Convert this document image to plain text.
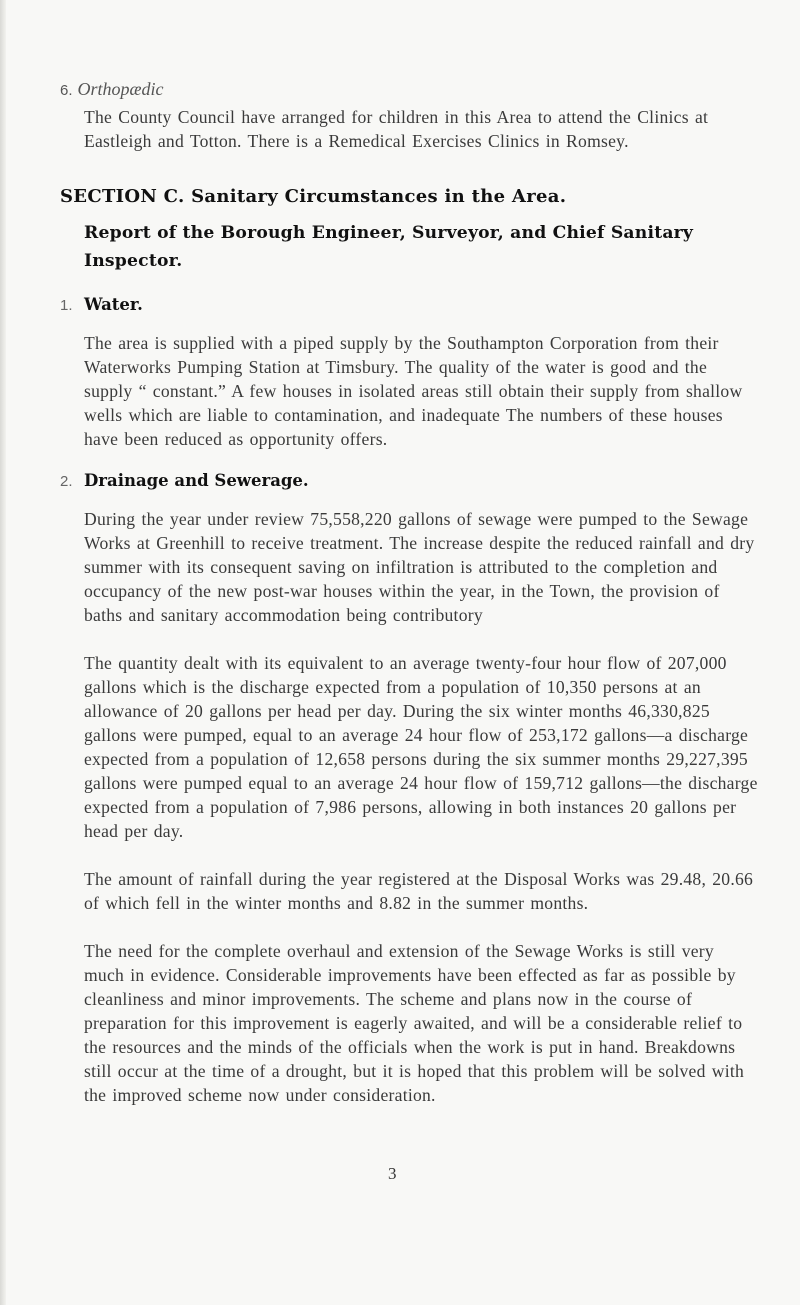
6. Orthopædic

The County Council have arranged for children in this Area to attend the Clinics at Eastleigh and Totton. There is a Remedical Exercises Clinics in Romsey.

SECTION C. Sanitary Circumstances in the Area.
Report of the Borough Engineer, Surveyor, and Chief Sanitary Inspector.
1. Water.

The area is supplied with a piped supply by the Southampton Corporation from their Waterworks Pumping Station at Timsbury. The quality of the water is good and the supply “ constant.” A few houses in isolated areas still obtain their supply from shallow wells which are liable to contamination, and inadequate The numbers of these houses have been reduced as opportunity offers.

2. Drainage and Sewerage.

During the year under review 75,558,220 gallons of sewage were pumped to the Sewage Works at Greenhill to receive treatment. The increase despite the reduced rainfall and dry summer with its consequent saving on infiltration is attributed to the completion and occupancy of the new post-war houses within the year, in the Town, the provision of baths and sanitary accommodation being contributory

The quantity dealt with its equivalent to an average twenty-four hour flow of 207,000 gallons which is the discharge expected from a population of 10,350 persons at an allowance of 20 gallons per head per day. During the six winter months 46,330,825 gallons were pumped, equal to an average 24 hour flow of 253,172 gallons—a discharge expected from a population of 12,658 persons during the six summer months 29,227,395 gallons were pumped equal to an average 24 hour flow of 159,712 gallons—the discharge expected from a population of 7,986 persons, allowing in both instances 20 gallons per head per day.

The amount of rainfall during the year registered at the Disposal Works was 29.48, 20.66 of which fell in the winter months and 8.82 in the summer months.

The need for the complete overhaul and extension of the Sewage Works is still very much in evidence. Considerable improvements have been effected as far as possible by cleanliness and minor improvements. The scheme and plans now in the course of preparation for this improvement is eagerly awaited, and will be a considerable relief to the resources and the minds of the officials when the work is put in hand. Breakdowns still occur at the time of a drought, but it is hoped that this problem will be solved with the improved scheme now under consideration.

3
